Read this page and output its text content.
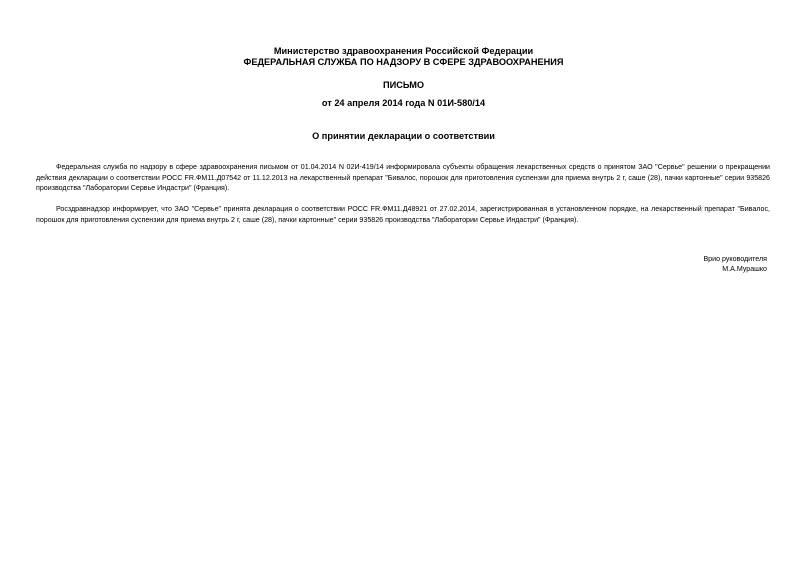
Министерство здравоохранения Российской Федерации
ФЕДЕРАЛЬНАЯ СЛУЖБА ПО НАДЗОРУ В СФЕРЕ ЗДРАВООХРАНЕНИЯ
ПИСЬМО
от 24 апреля 2014 года N 01И-580/14
О принятии декларации о соответствии
Федеральная служба по надзору в сфере здравоохранения письмом от 01.04.2014 N 02И-419/14 информировала субъекты обращения лекарственных средств о принятом ЗАО "Сервье" решении о прекращении действия декларации о соответствии РОСС FR.ФМ11.Д07542 от 11.12.2013 на лекарственный препарат "Бивалос, порошок для приготовления суспензии для приема внутрь 2 г, саше (28), пачки картонные" серии 935826 производства "Лаборатории Сервье Индастри" (Франция).
Росздравнадзор информирует, что ЗАО "Сервье" принята декларация о соответствии РОСС FR.ФМ11.Д48921 от 27.02.2014, зарегистрированная в установленном порядке, на лекарственный препарат "Бивалос, порошок для приготовления суспензии для приема внутрь 2 г, саше (28), пачки картонные" серии 935826 производства "Лаборатории Сервье Индастри" (Франция).
Врио руководителя
М.А.Мурашко
